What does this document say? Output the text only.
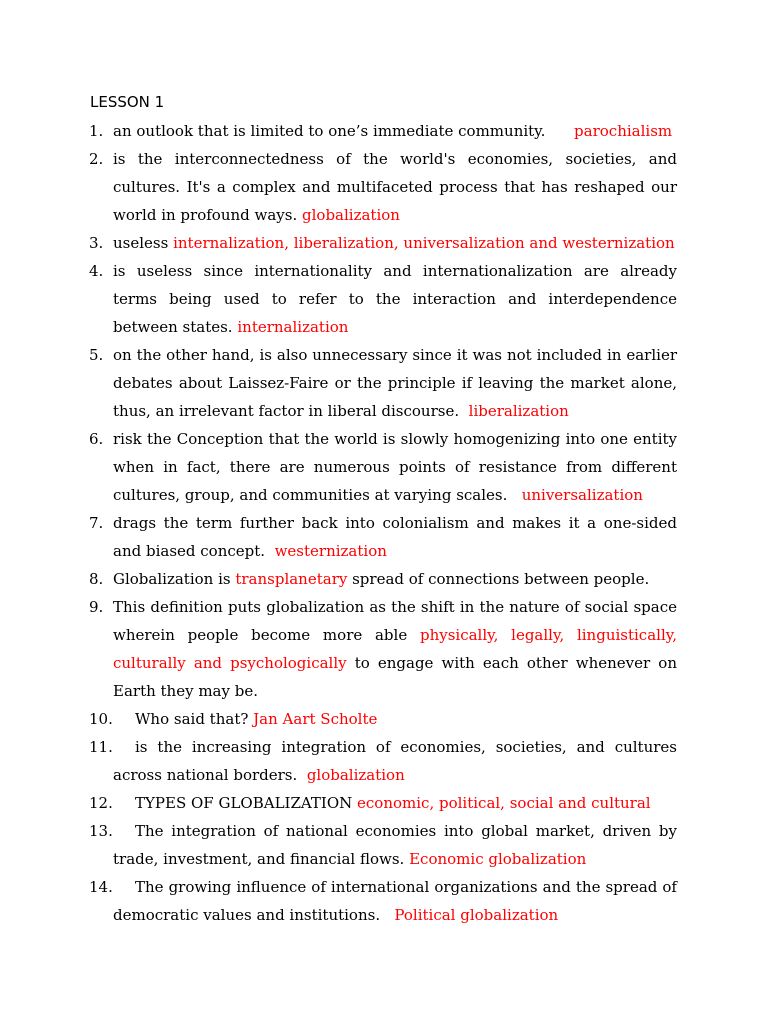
LESSON 1
1. an outlook that is limited to one’s immediate community. parochialism
2. is the interconnectedness of the world's economies, societies, and cultures. It's a complex and multifaceted process that has reshaped our world in profound ways. globalization
3. useless internalization, liberalization, universalization and westernization
4. is useless since internationality and internationalization are already terms being used to refer to the interaction and interdependence between states. internalization
5. on the other hand, is also unnecessary since it was not included in earlier debates about Laissez-Faire or the principle if leaving the market alone, thus, an irrelevant factor in liberal discourse. liberalization
6. risk the Conception that the world is slowly homogenizing into one entity when in fact, there are numerous points of resistance from different cultures, group, and communities at varying scales. universalization
7. drags the term further back into colonialism and makes it a one-sided and biased concept. westernization
8. Globalization is transplanetary spread of connections between people.
9. This definition puts globalization as the shift in the nature of social space wherein people become more able physically, legally, linguistically, culturally and psychologically to engage with each other whenever on Earth they may be.
10. Who said that? Jan Aart Scholte
11. is the increasing integration of economies, societies, and cultures across national borders. globalization
12. TYPES OF GLOBALIZATION economic, political, social and cultural
13. The integration of national economies into global market, driven by trade, investment, and financial flows. Economic globalization
14. The growing influence of international organizations and the spread of democratic values and institutions. Political globalization
